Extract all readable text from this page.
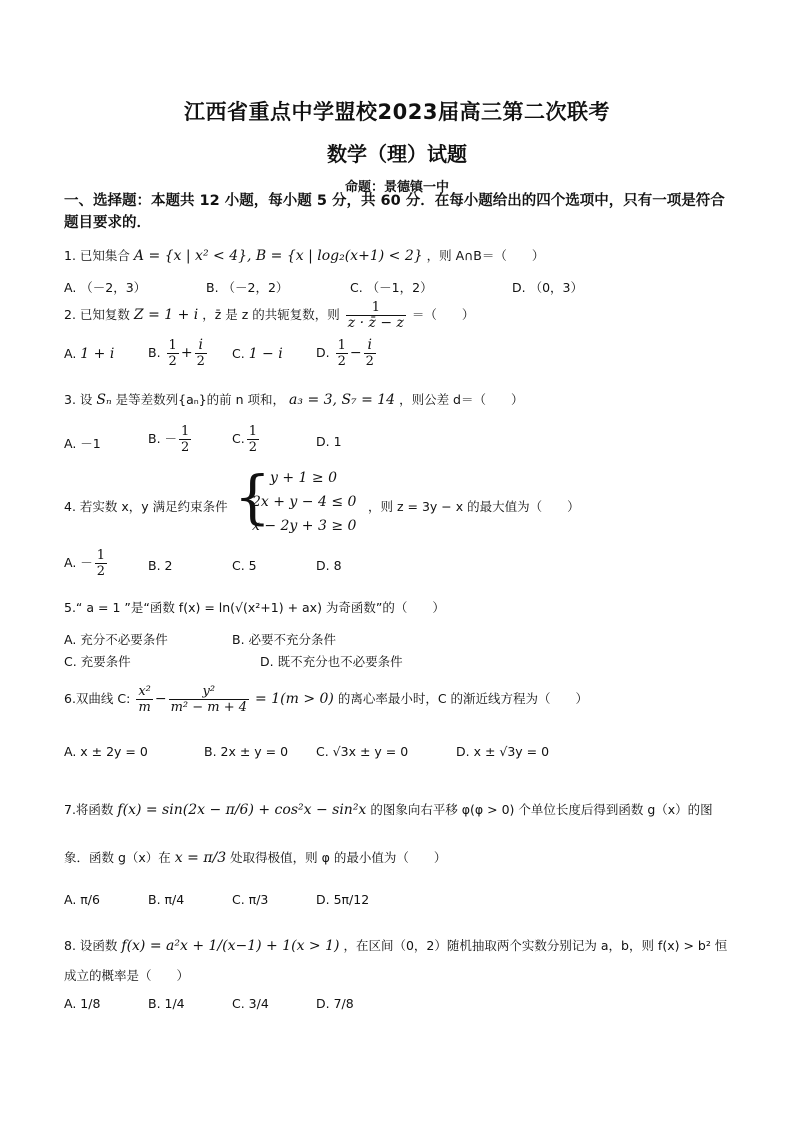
江西省重点中学盟校2023届高三第二次联考
数学（理）试题
命题：景德镇一中
一、选择题：本题共 12 小题，每小题 5 分，共 60 分．在每小题给出的四个选项中，只有一项是符合题目要求的．
1. 已知集合 A = {x | x² < 4}, B = {x | log₂(x+1) < 2} ，则 A∩B＝（　　）
A. （－2，3）	B. （－2，2）	C. （－1，2）	D. （0，3）
2. 已知复数 Z = 1 + i ，z̄ 是 z 的共轭复数，则 $\frac{1}{z \cdot z̄ - z}$ ＝（　　）
A. 1 + i	B. $\frac{1}{2} + \frac{i}{2} C$. 1 − i	D. $\frac{1}{2} - \frac{i}{2}$
3. 设 Sₙ 是等差数列{aₙ}的前 n 项和， a₃ = 3, S₇ = 14 ，则公差 d＝（　　）
A. －1	B. － $\frac{1}{2}$	C. $\frac{1}{2}$	D. 1
4. 若实数 x，y 满足约束条件 { y + 1 ≥ 0
2x + y − 4 ≤ 0
x − 2y + 3 ≥ 0
，则 z = 3y − x 的最大值为（　　）
A. － $\frac{1}{2}$	B. 2	C. 5	D. 8
5.“ a = 1 ”是“函数 f(x) = ln(√(x²+1) + ax) 为奇函数”的（　　）
A. 充分不必要条件	B. 必要不充分条件
C. 充要条件	D. 既不充分也不必要条件
6.双曲线 C: $\frac{\text{x²}}{m} - \frac{\text{y²}}{\text{m² − m + 4}} = 1(m > 0)$ 的离心率最小时，C 的渐近线方程为（　　）
A. x ± 2y = 0	B. 2x ± y = 0 C. √3x ± y = 0	D. x ± √3y = 0
7.将函数 f(x) = sin(2x − π/6) + cos²x − sin²x 的图象向右平移 φ(φ > 0) 个单位长度后得到函数 g（x）的图
象．函数 g（x）在 x = π/3 处取得极值，则 φ 的最小值为（　　）
A. π/6	B. π/4	C. π/3	D. 5π/12
8. 设函数 f(x) = a²x + 1/(x−1) + 1(x > 1) ，在区间（0，2）随机抽取两个实数分别记为 a，b，则 f(x) > b² 恒
成立的概率是（　　）
A. 1/8	B. 1/4	C. 3/4	D. 7/8
